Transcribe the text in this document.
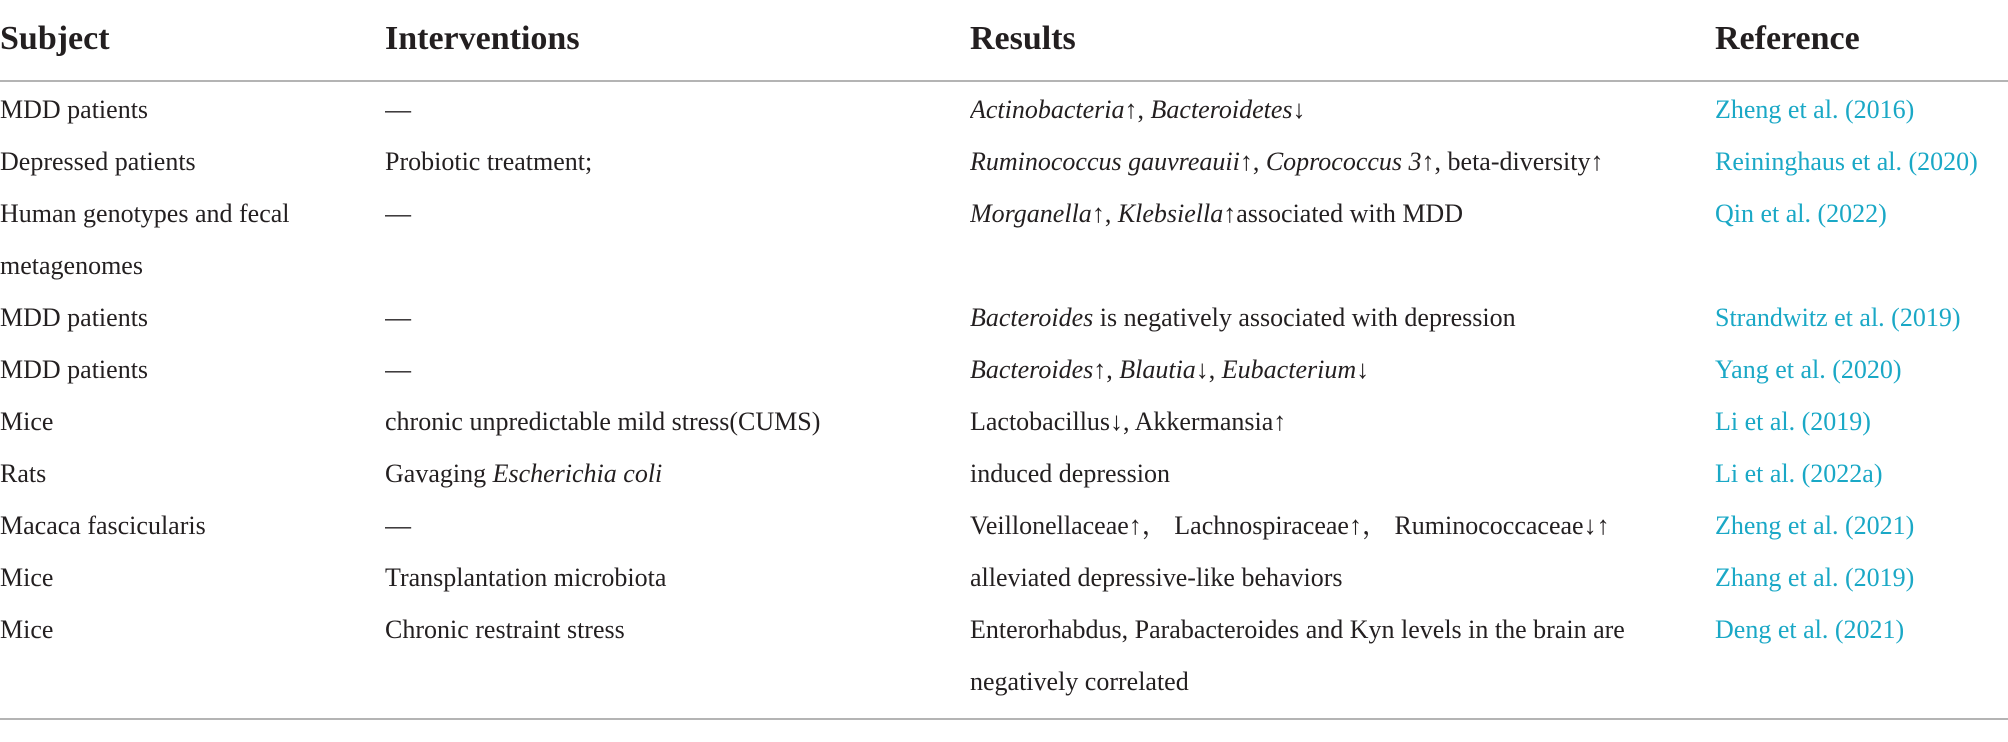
Subject	Interventions	Results	Reference
MDD patients	—	Actinobacteria↑, Bacteroidetes↓	Zheng et al. (2016)
Depressed patients	Probiotic treatment;	Ruminococcus gauvreauii↑, Coprococcus 3↑, beta-diversity↑	Reininghaus et al. (2020)
Human genotypes and fecal metagenomes	—	Morganella↑, Klebsiella↑associated with MDD	Qin et al. (2022)
MDD patients	—	Bacteroides is negatively associated with depression	Strandwitz et al. (2019)
MDD patients	—	Bacteroides↑, Blautia↓, Eubacterium↓	Yang et al. (2020)
Mice	chronic unpredictable mild stress(CUMS)	Lactobacillus↓, Akkermansia↑	Li et al. (2019)
Rats	Gavaging Escherichia coli	induced depression	Li et al. (2022a)
Macaca fascicularis	—	Veillonellaceae↑， Lachnospiraceae↑， Ruminococcaceae↓↑	Zheng et al. (2021)
Mice	Transplantation microbiota	alleviated depressive-like behaviors	Zhang et al. (2019)
Mice	Chronic restraint stress	Enterorhabdus, Parabacteroides and Kyn levels in the brain are negatively correlated	Deng et al. (2021)
